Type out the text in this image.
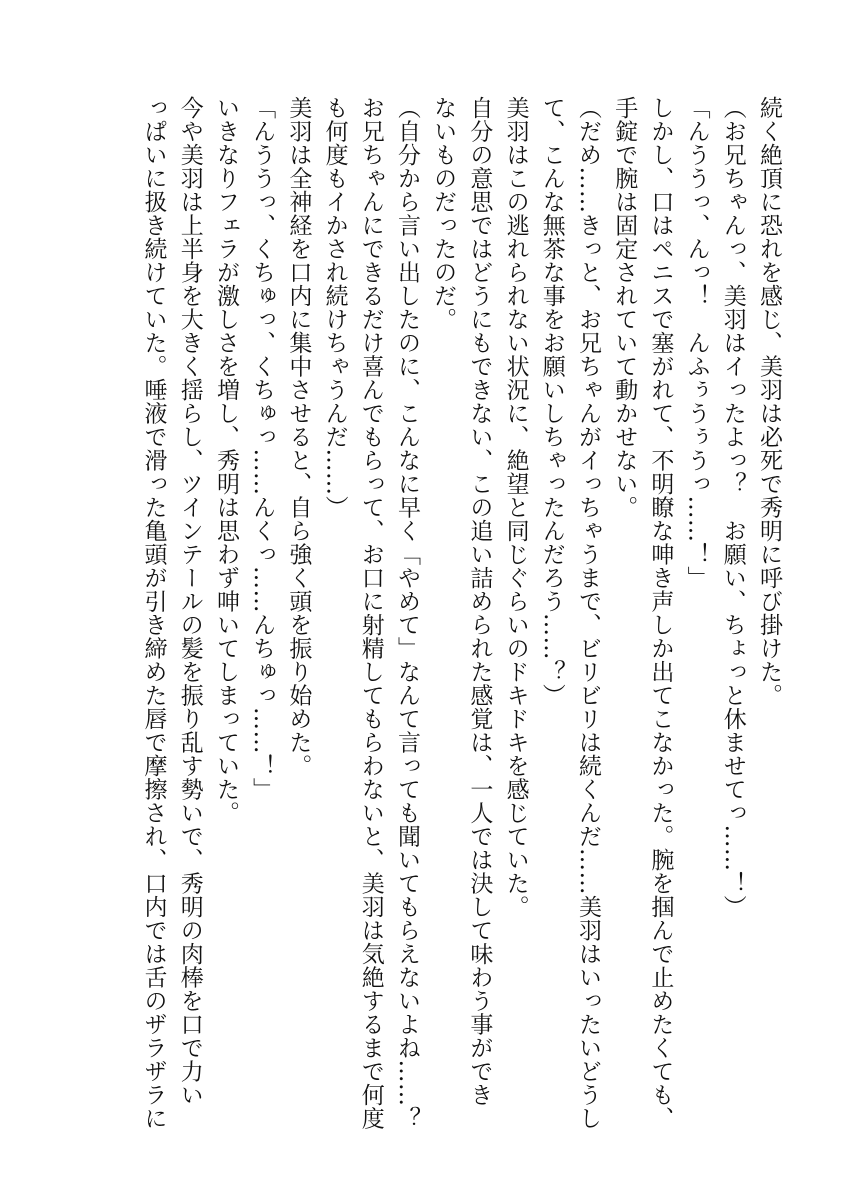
続く絶頂に恐れを感じ、美羽は必死で秀明に呼び掛けた。
（お兄ちゃんっ、美羽はイったよっ？　お願い、ちょっと休ませてっ……！）
「んううっ、んっ！　んふぅうぅうっ……！」
しかし、口はペニスで塞がれて、不明瞭な呻き声しか出てこなかった。腕を掴んで止めたくても、
手錠で腕は固定されていて動かせない。
（だめ……きっと、お兄ちゃんがイっちゃうまで、ビリビリは続くんだ……美羽はいったいどうし
て、こんな無茶な事をお願いしちゃったんだろう……？）
美羽はこの逃れられない状況に、絶望と同じぐらいのドキドキを感じていた。
自分の意思ではどうにもできない、この追い詰められた感覚は、一人では決して味わう事ができ
ないものだったのだ。
（自分から言い出したのに、こんなに早く「やめて」なんて言っても聞いてもらえないよね……？
お兄ちゃんにできるだけ喜んでもらって、お口に射精してもらわないと、美羽は気絶するまで何度
も何度もイかされ続けちゃうんだ……）
美羽は全神経を口内に集中させると、自ら強く頭を振り始めた。
「んううっ、くちゅっ、くちゅっ……んくっ……んちゅっ……！」
いきなりフェラが激しさを増し、秀明は思わず呻いてしまっていた。
今や美羽は上半身を大きく揺らし、ツインテールの髪を振り乱す勢いで、秀明の肉棒を口で力い
っぱいに扱き続けていた。唾液で滑った亀頭が引き締めた唇で摩擦され、口内では舌のザラザラに
